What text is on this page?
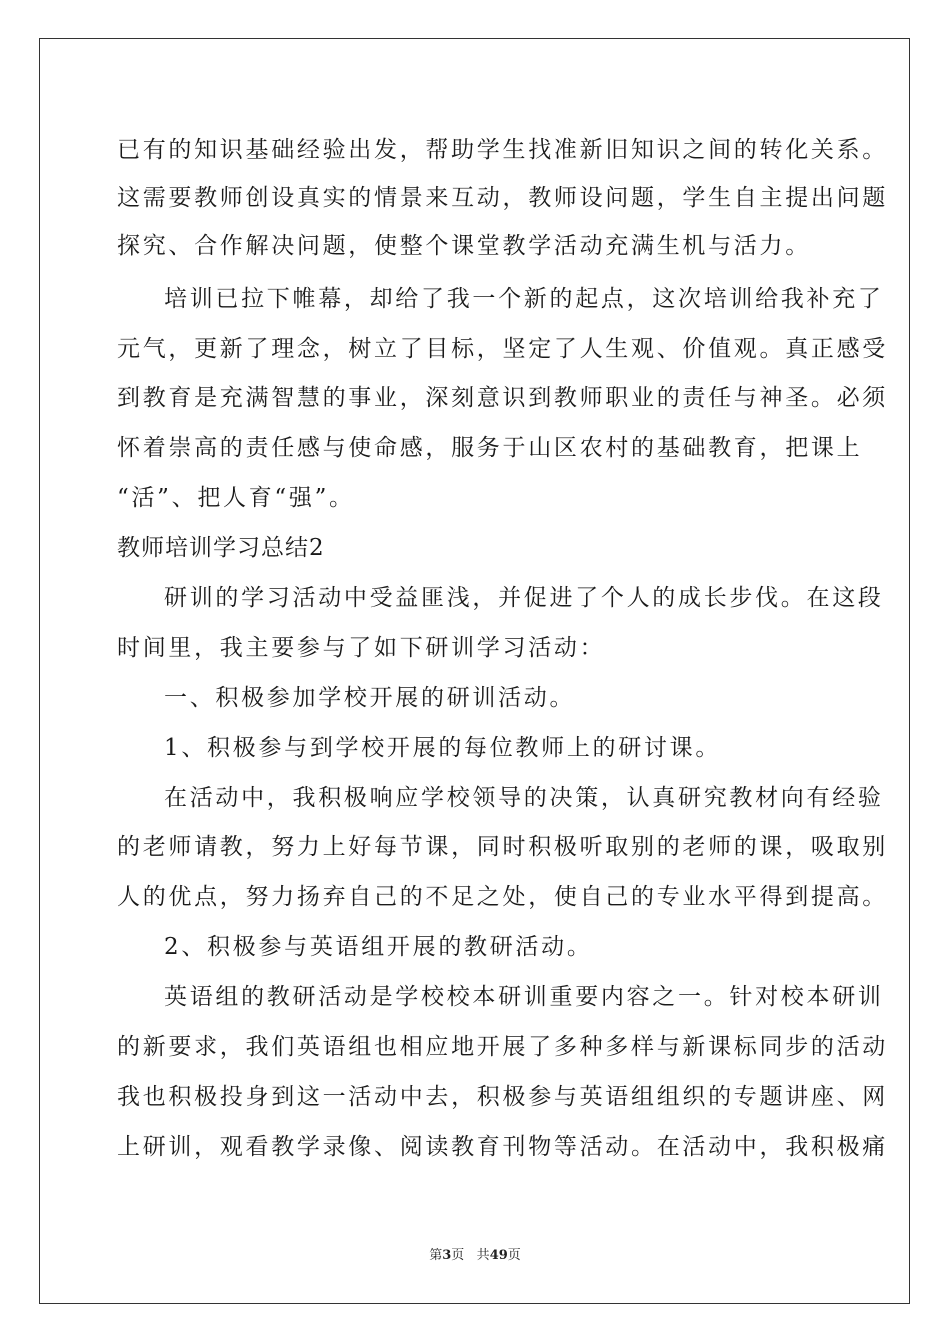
已有的知识基础经验出发，帮助学生找准新旧知识之间的转化关系。
这需要教师创设真实的情景来互动，教师设问题，学生自主提出问题
探究、合作解决问题，使整个课堂教学活动充满生机与活力。
培训已拉下帷幕，却给了我一个新的起点，这次培训给我补充了
元气，更新了理念，树立了目标，坚定了人生观、价值观。真正感受
到教育是充满智慧的事业，深刻意识到教师职业的责任与神圣。必须
怀着崇高的责任感与使命感，服务于山区农村的基础教育，把课上
“活”、把人育“强”。
教师培训学习总结2
研训的学习活动中受益匪浅，并促进了个人的成长步伐。在这段
时间里，我主要参与了如下研训学习活动：
一、积极参加学校开展的研训活动。
1、积极参与到学校开展的每位教师上的研讨课。
在活动中，我积极响应学校领导的决策，认真研究教材向有经验
的老师请教，努力上好每节课，同时积极听取别的老师的课，吸取别
人的优点，努力扬弃自己的不足之处，使自己的专业水平得到提高。
2、积极参与英语组开展的教研活动。
英语组的教研活动是学校校本研训重要内容之一。针对校本研训
的新要求，我们英语组也相应地开展了多种多样与新课标同步的活动
我也积极投身到这一活动中去，积极参与英语组组织的专题讲座、网
上研训，观看教学录像、阅读教育刊物等活动。在活动中，我积极痛
第3页 共49页
